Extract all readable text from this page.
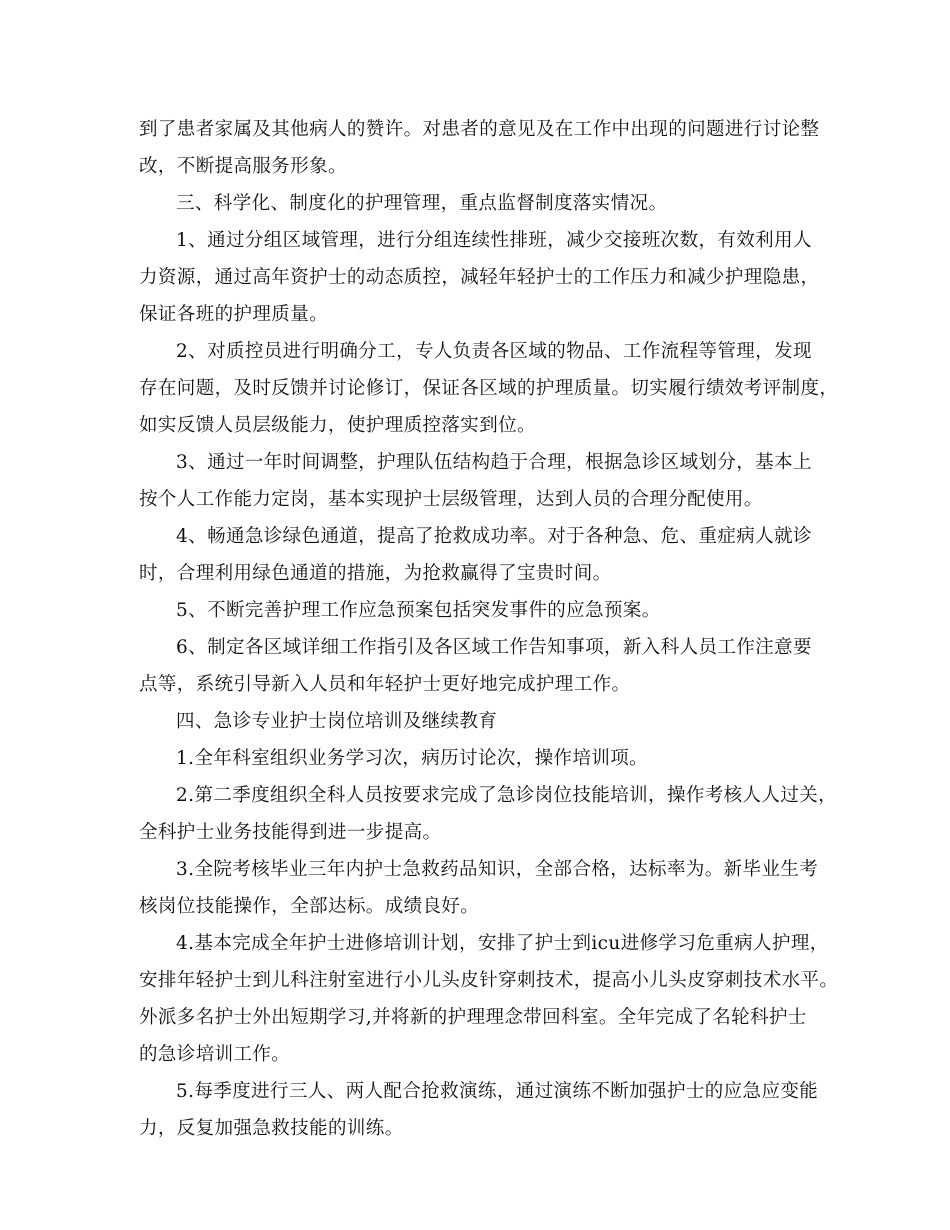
到了患者家属及其他病人的赞许。对患者的意见及在工作中出现的问题进行讨论整
改，不断提高服务形象。
三、科学化、制度化的护理管理，重点监督制度落实情况。
1、通过分组区域管理，进行分组连续性排班，减少交接班次数，有效利用人
力资源，通过高年资护士的动态质控，减轻年轻护士的工作压力和减少护理隐患，
保证各班的护理质量。
2、对质控员进行明确分工，专人负责各区域的物品、工作流程等管理，发现
存在问题，及时反馈并讨论修订，保证各区域的护理质量。切实履行绩效考评制度，
如实反馈人员层级能力，使护理质控落实到位。
3、通过一年时间调整，护理队伍结构趋于合理，根据急诊区域划分，基本上
按个人工作能力定岗，基本实现护士层级管理，达到人员的合理分配使用。
4、畅通急诊绿色通道，提高了抢救成功率。对于各种急、危、重症病人就诊
时，合理利用绿色通道的措施，为抢救赢得了宝贵时间。
5、不断完善护理工作应急预案包括突发事件的应急预案。
6、制定各区域详细工作指引及各区域工作告知事项，新入科人员工作注意要
点等，系统引导新入人员和年轻护士更好地完成护理工作。
四、急诊专业护士岗位培训及继续教育
1.全年科室组织业务学习次，病历讨论次，操作培训项。
2.第二季度组织全科人员按要求完成了急诊岗位技能培训，操作考核人人过关，
全科护士业务技能得到进一步提高。
3.全院考核毕业三年内护士急救药品知识，全部合格，达标率为。新毕业生考
核岗位技能操作，全部达标。成绩良好。
4.基本完成全年护士进修培训计划，安排了护士到icu进修学习危重病人护理，
安排年轻护士到儿科注射室进行小儿头皮针穿刺技术，提高小儿头皮穿刺技术水平。
外派多名护士外出短期学习,并将新的护理理念带回科室。全年完成了名轮科护士
的急诊培训工作。
5.每季度进行三人、两人配合抢救演练，通过演练不断加强护士的应急应变能
力，反复加强急救技能的训练。
